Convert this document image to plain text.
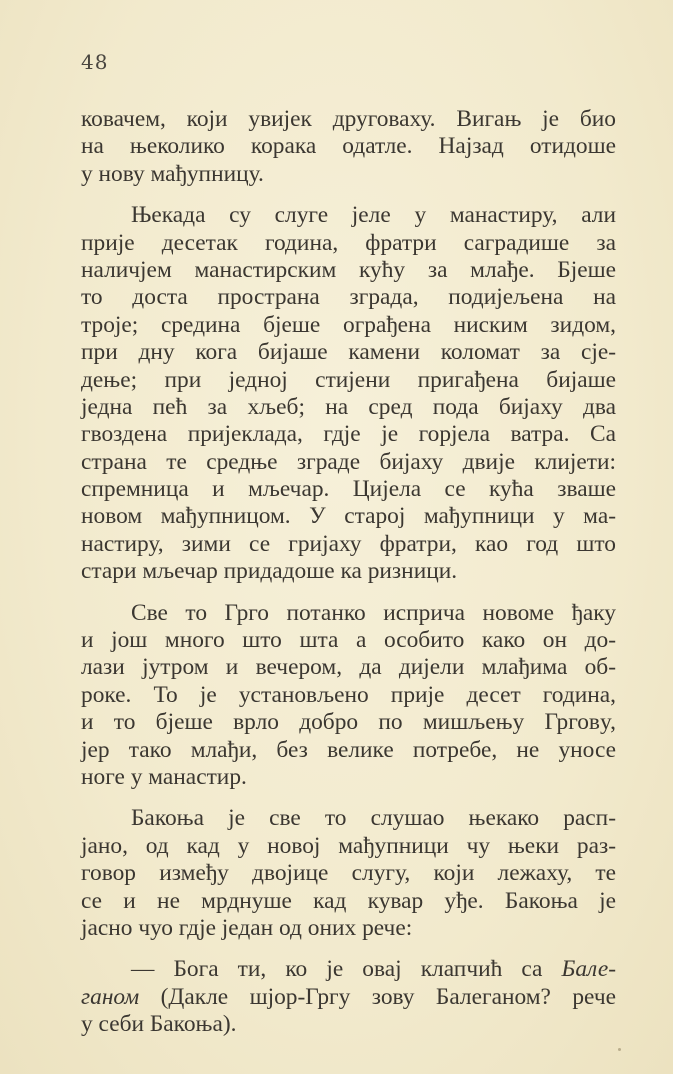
48
ковачем, који увијек друговаху. Вигањ је био
на њеколико корака одатле. Најзад отидоше
у нову мађупницу.
Њекада су слуге јеле у манастиру, али
прије десетак година, фратри саградише за
наличјем манастирским кућу за млађе. Бјеше
то доста пространа зграда, подијељена на
троје; средина бјеше ограђена ниским зидом,
при дну кога бијаше камени коломат за сје-
дење; при једној стијени пригађена бијаше
једна пећ за хљеб; на сред пода бијаху два
гвоздена пријеклада, гдје је горјела ватра. Са
страна те средње зграде бијаху двије клијети:
спремница и мљечар. Цијела се кућа зваше
новом мађупницом. У старој мађупници у ма-
настиру, зими се гријаху фратри, као год што
стари мљечар придадоше ка ризници.
Све то Грго потанко исприча новоме ђаку
и још много што шта а особито како он до-
лази јутром и вечером, да дијели млађима об-
роке. То је установљено прије десет година,
и то бјеше врло добро по мишљењу Грговy,
јер тако млађи, без велике потребе, не уносе
ноге у манастир.
Бакоња је све то слушао њекако расп-
јано, од кад у новој мађупници чу њеки раз-
говор између двојице слугу, који лежаху, те
се и не мрднуше кад кувар уђе. Бакоња је
јасно чуо гдје један од оних рече:
— Бога ти, ко је овај клапчић са Бале-
ганом (Дакле шјор-Гргу зову Балеганом? рече
у себи Бакоња).
